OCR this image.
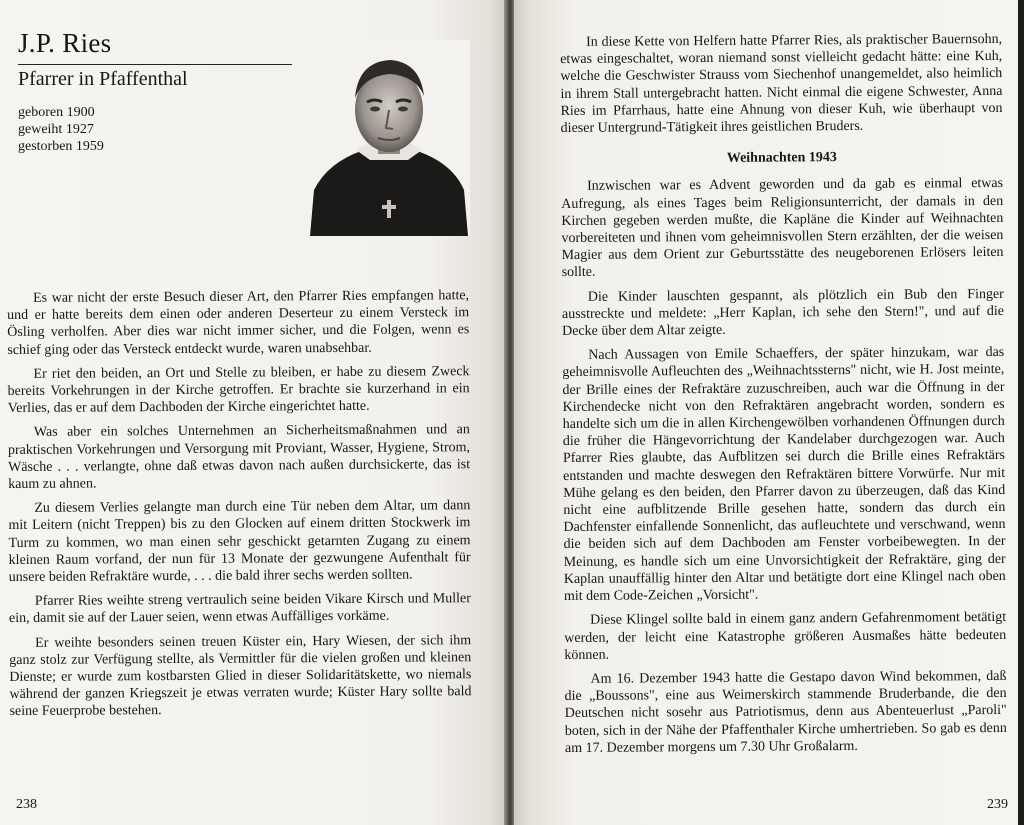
J.P. Ries
Pfarrer in Pfaffenthal
geboren 1900
geweiht 1927
gestorben 1959

Es war nicht der erste Besuch dieser Art, den Pfarrer Ries empfangen hatte, und er hatte bereits dem einen oder anderen Deserteur zu einem Versteck im Ösling verholfen. Aber dies war nicht immer sicher, und die Folgen, wenn es schief ging oder das Versteck entdeckt wurde, waren unabsehbar.

Er riet den beiden, an Ort und Stelle zu bleiben, er habe zu diesem Zweck bereits Vorkehrungen in der Kirche getroffen. Er brachte sie kurzerhand in ein Verlies, das er auf dem Dachboden der Kirche eingerichtet hatte.

Was aber ein solches Unternehmen an Sicherheitsmaßnahmen und an praktischen Vorkehrungen und Versorgung mit Proviant, Wasser, Hygiene, Strom, Wäsche . . . verlangte, ohne daß etwas davon nach außen durchsickerte, das ist kaum zu ahnen.

Zu diesem Verlies gelangte man durch eine Tür neben dem Altar, um dann mit Leitern (nicht Treppen) bis zu den Glocken auf einem dritten Stockwerk im Turm zu kommen, wo man einen sehr geschickt getarnten Zugang zu einem kleinen Raum vorfand, der nun für 13 Monate der gezwungene Aufenthalt für unsere beiden Refraktäre wurde, . . . die bald ihrer sechs werden sollten.

Pfarrer Ries weihte streng vertraulich seine beiden Vikare Kirsch und Muller ein, damit sie auf der Lauer seien, wenn etwas Auffälliges vorkäme.

Er weihte besonders seinen treuen Küster ein, Hary Wiesen, der sich ihm ganz stolz zur Verfügung stellte, als Vermittler für die vielen großen und kleinen Dienste; er wurde zum kostbarsten Glied in dieser Solidaritätskette, wo niemals während der ganzen Kriegszeit je etwas verraten wurde; Küster Hary sollte bald seine Feuerprobe bestehen.

238

In diese Kette von Helfern hatte Pfarrer Ries, als praktischer Bauernsohn, etwas eingeschaltet, woran niemand sonst vielleicht gedacht hätte: eine Kuh, welche die Geschwister Strauss vom Siechenhof unangemeldet, also heimlich in ihrem Stall untergebracht hatten. Nicht einmal die eigene Schwester, Anna Ries im Pfarrhaus, hatte eine Ahnung von dieser Kuh, wie überhaupt von dieser Untergrund-Tätigkeit ihres geistlichen Bruders.

Weihnachten 1943

Inzwischen war es Advent geworden und da gab es einmal etwas Aufregung, als eines Tages beim Religionsunterricht, der damals in den Kirchen gegeben werden mußte, die Kapläne die Kinder auf Weihnachten vorbereiteten und ihnen vom geheimnisvollen Stern erzählten, der die weisen Magier aus dem Orient zur Geburtsstätte des neugeborenen Erlösers leiten sollte.

Die Kinder lauschten gespannt, als plötzlich ein Bub den Finger ausstreckte und meldete: „Herr Kaplan, ich sehe den Stern!", und auf die Decke über dem Altar zeigte.

Nach Aussagen von Emile Schaeffers, der später hinzukam, war das geheimnisvolle Aufleuchten des „Weihnachtssterns" nicht, wie H. Jost meinte, der Brille eines der Refraktäre zuzuschreiben, auch war die Öffnung in der Kirchendecke nicht von den Refraktären angebracht worden, sondern es handelte sich um die in allen Kirchengewölben vorhandenen Öffnungen durch die früher die Hängevorrichtung der Kandelaber durchgezogen war. Auch Pfarrer Ries glaubte, das Aufblitzen sei durch die Brille eines Refraktärs entstanden und machte deswegen den Refraktären bittere Vorwürfe. Nur mit Mühe gelang es den beiden, den Pfarrer davon zu überzeugen, daß das Kind nicht eine aufblitzende Brille gesehen hatte, sondern das durch ein Dachfenster einfallende Sonnenlicht, das aufleuchtete und verschwand, wenn die beiden sich auf dem Dachboden am Fenster vorbeibewegten. In der Meinung, es handle sich um eine Unvorsichtigkeit der Refraktäre, ging der Kaplan unauffällig hinter den Altar und betätigte dort eine Klingel nach oben mit dem Code-Zeichen „Vorsicht".

Diese Klingel sollte bald in einem ganz andern Gefahrenmoment betätigt werden, der leicht eine Katastrophe größeren Ausmaßes hätte bedeuten können.

Am 16. Dezember 1943 hatte die Gestapo davon Wind bekommen, daß die „Boussons", eine aus Weimerskirch stammende Bruderbande, die den Deutschen nicht sosehr aus Patriotismus, denn aus Abenteuerlust „Paroli" boten, sich in der Nähe der Pfaffenthaler Kirche umhertrieben. So gab es denn am 17. Dezember morgens um 7.30 Uhr Großalarm.

239
